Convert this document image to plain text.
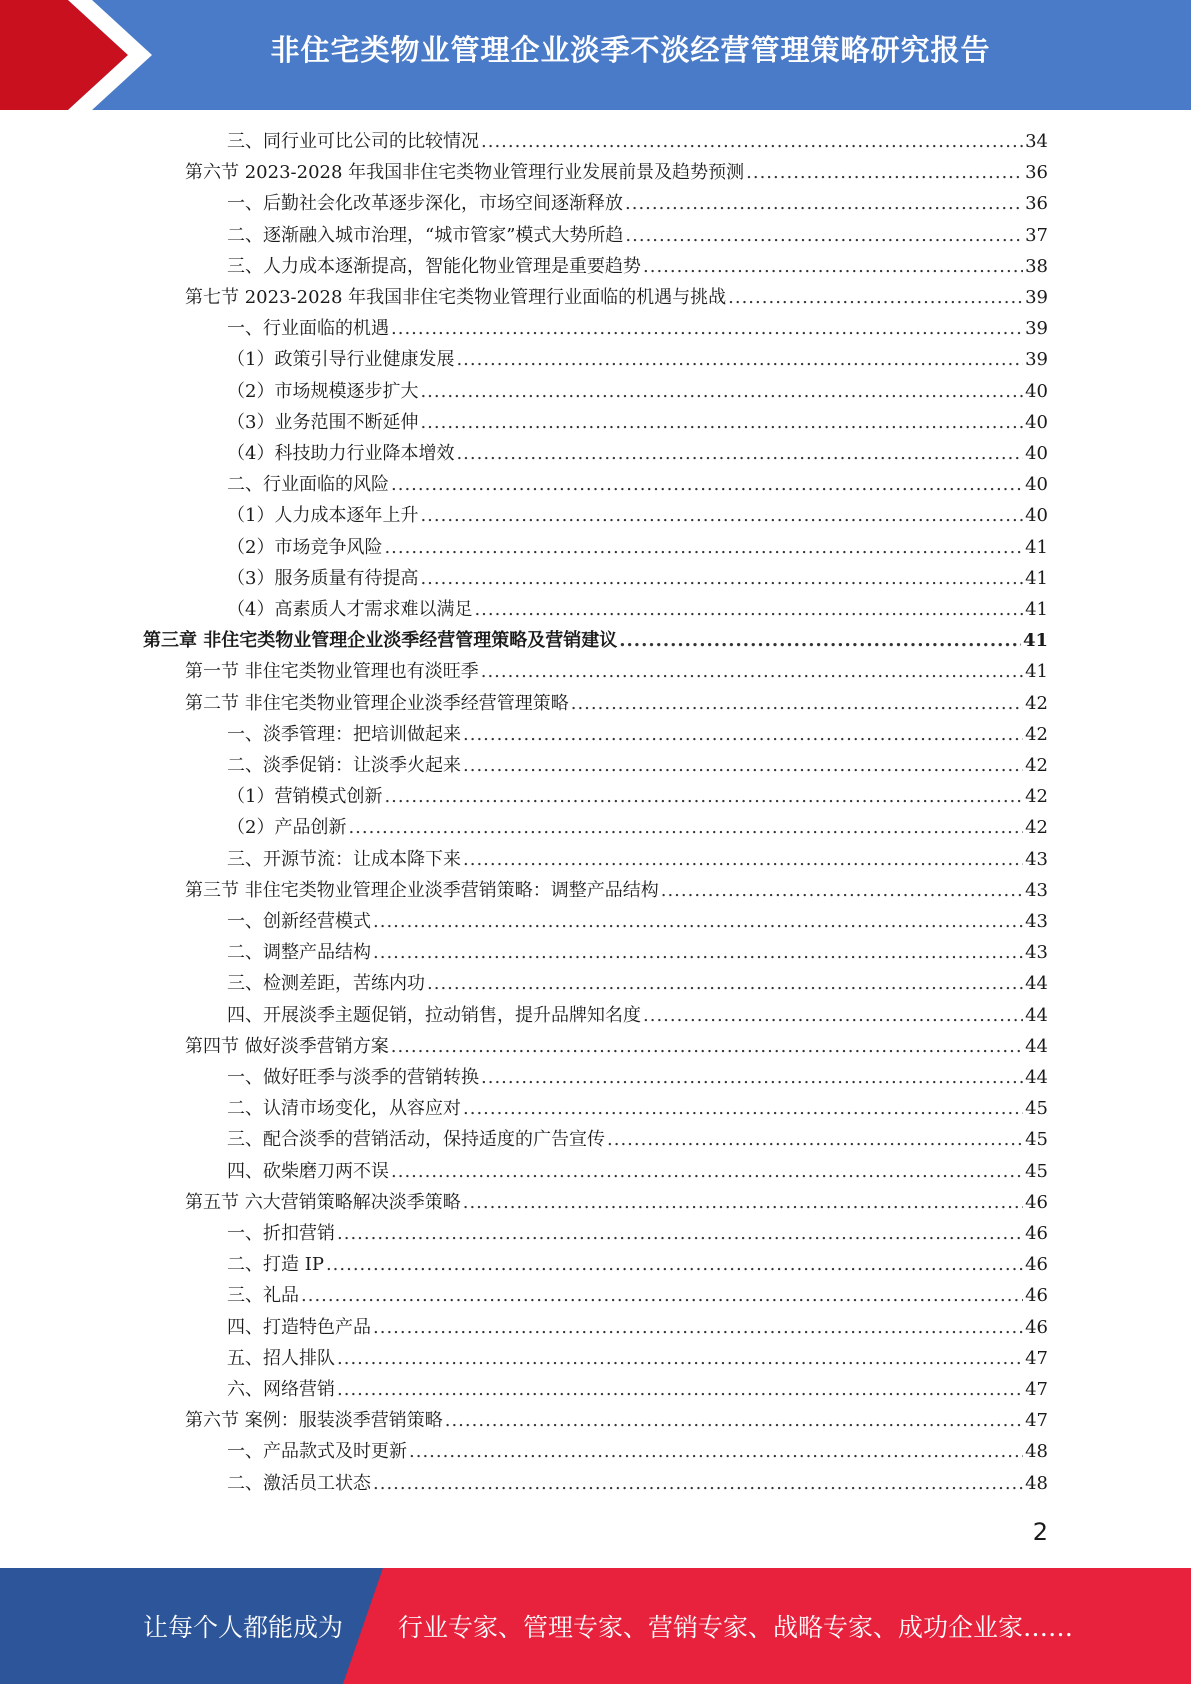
非住宅类物业管理企业淡季不淡经营管理策略研究报告
三、同行业可比公司的比较情况 .....	34
第六节 2023-2028 年我国非住宅类物业管理行业发展前景及趋势预测 .....	36
一、后勤社会化改革逐步深化，市场空间逐渐释放 .....	36
二、逐渐融入城市治理，“城市管家”模式大势所趋 .....	37
三、人力成本逐渐提高，智能化物业管理是重要趋势 .....	38
第七节 2023-2028 年我国非住宅类物业管理行业面临的机遇与挑战 .....	39
一、行业面临的机遇 .....	39
（1）政策引导行业健康发展 .....	39
（2）市场规模逐步扩大 .....	40
（3）业务范围不断延伸 .....	40
（4）科技助力行业降本增效 .....	40
二、行业面临的风险 .....	40
（1）人力成本逐年上升 .....	40
（2）市场竞争风险 .....	41
（3）服务质量有待提高 .....	41
（4）高素质人才需求难以满足 .....	41
第三章 非住宅类物业管理企业淡季经营管理策略及营销建议 .....	41
第一节 非住宅类物业管理也有淡旺季 .....	41
第二节 非住宅类物业管理企业淡季经营管理策略 .....	42
一、淡季管理：把培训做起来 .....	42
二、淡季促销：让淡季火起来 .....	42
（1）营销模式创新 .....	42
（2）产品创新 .....	42
三、开源节流：让成本降下来 .....	43
第三节 非住宅类物业管理企业淡季营销策略：调整产品结构 .....	43
一、创新经营模式 .....	43
二、调整产品结构 .....	43
三、检测差距，苦练内功 .....	44
四、开展淡季主题促销，拉动销售，提升品牌知名度 .....	44
第四节 做好淡季营销方案 .....	44
一、做好旺季与淡季的营销转换 .....	44
二、认清市场变化，从容应对 .....	45
三、配合淡季的营销活动，保持适度的广告宣传 .....	45
四、砍柴磨刀两不误 .....	45
第五节 六大营销策略解决淡季策略 .....	46
一、折扣营销 .....	46
二、打造 IP .....	46
三、礼品 .....	46
四、打造特色产品 .....	46
五、招人排队 .....	47
六、网络营销 .....	47
第六节 案例：服装淡季营销策略 .....	47
一、产品款式及时更新 .....	48
二、激活员工状态 .....	48
2
让每个人都能成为 行业专家、管理专家、营销专家、战略专家、成功企业家……
